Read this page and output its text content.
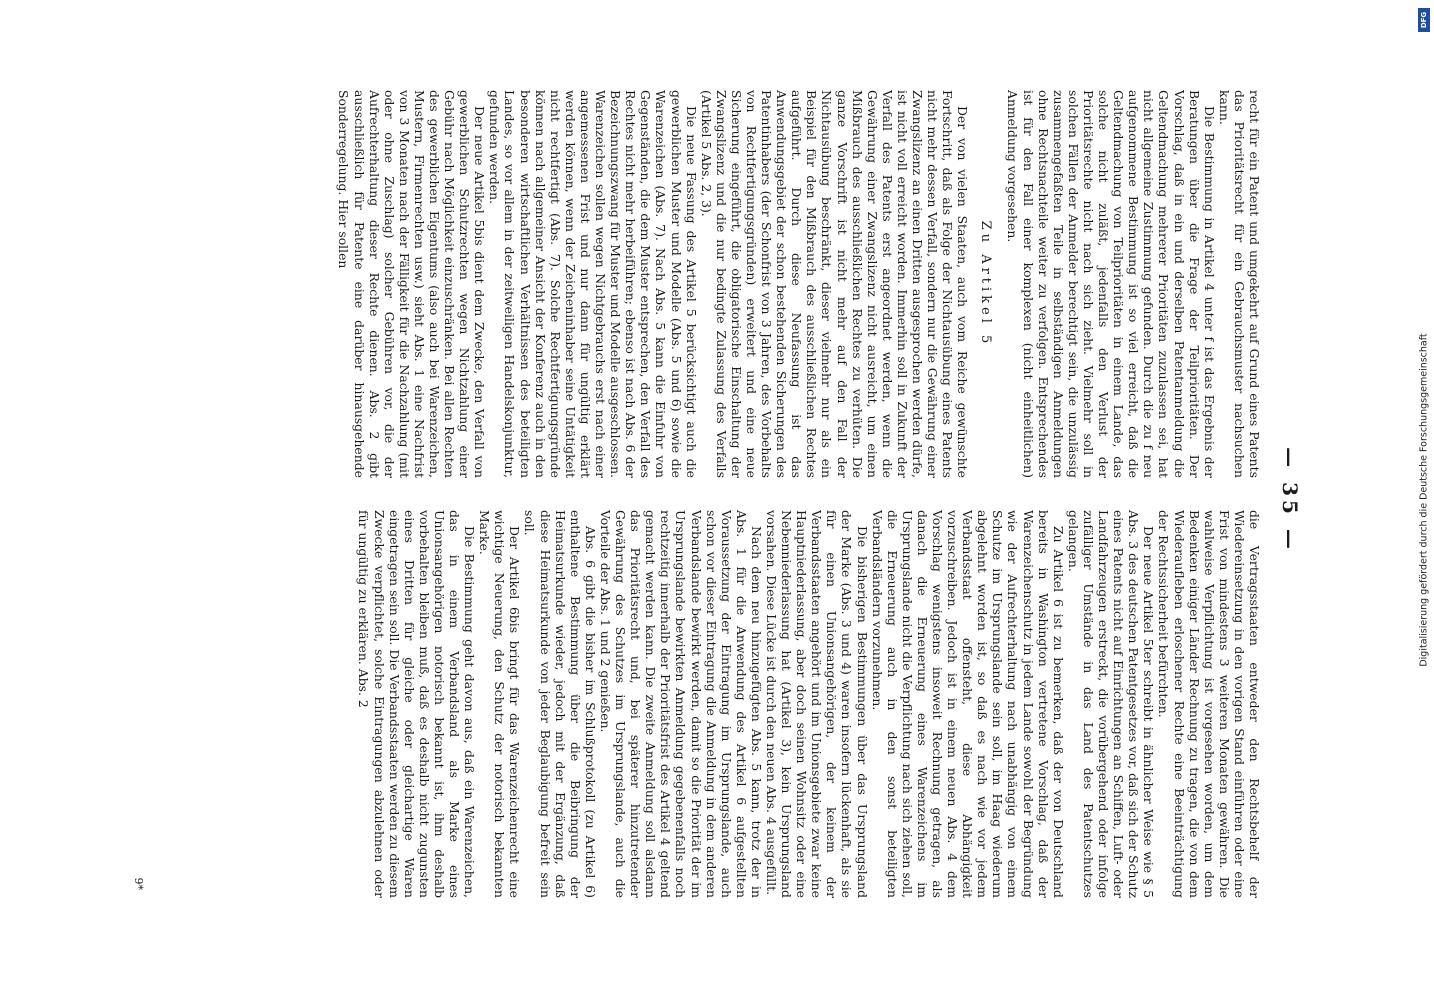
— 35 —

recht für ein Patent und umgekehrt auf Grund eines Patents das Prioritätsrecht für ein Gebrauchsmuster nachsuchen kann.

Die Bestimmung in Artikel 4 unter f ist das Ergebnis der Beratungen über die Frage der Teilprioritäten. Der Vorschlag, daß in ein und derselben Patentanmeldung die Geltendmachung mehrerer Prioritäten zuzulassen sei, hat nicht allgemeine Zustimmung gefunden. Durch die zu f neu aufgenommene Bestimmung ist so viel erreicht, daß die Geltendmachung von Teilprioritäten in einem Lande, das solche nicht zuläßt, jedenfalls den Verlust der Prioritätsrechte nicht nach sich zieht. Vielmehr soll in solchen Fällen der Anmelder berechtigt sein, die unzulässig zusammengefaßten Teile in selbständigen Anmeldungen ohne Rechtsnachteile weiter zu verfolgen. Entsprechendes ist für den Fall einer komplexen (nicht einheitlichen) Anmeldung vorgesehen.

Zu Artikel 5

Der von vielen Staaten, auch vom Reiche gewünschte Fortschritt, daß als Folge der Nichtausübung eines Patents nicht mehr dessen Verfall, sondern nur die Gewährung einer Zwangslizenz an einen Dritten ausgesprochen werden dürfe, ist nicht voll erreicht worden. Immerhin soll in Zukunft der Verfall des Patents erst angeordnet werden, wenn die Gewährung einer Zwangslizenz nicht ausreicht, um einen Mißbrauch des ausschließlichen Rechtes zu verhüten. Die ganze Vorschrift ist nicht mehr auf den Fall der Nichtausübung beschränkt, dieser vielmehr nur als ein Beispiel für den Mißbrauch des ausschließlichen Rechtes aufgeführt. Durch diese Neufassung ist das Anwendungsgebiet der schon bestehenden Sicherungen des Patentinhabers (der Schonfrist von 3 Jahren, des Vorbehalts von Rechtfertigungsgründen) erweitert und eine neue Sicherung eingeführt, die obligatorische Einschaltung der Zwangslizenz und die nur bedingte Zulassung des Verfalls (Artikel 5 Abs. 2, 3).

Die neue Fassung des Artikel 5 berücksichtigt auch die gewerblichen Muster und Modelle (Abs. 5 und 6) sowie die Warenzeichen (Abs. 7). Nach Abs. 5 kann die Einfuhr von Gegenständen, die dem Muster entsprechen, den Verfall des Rechtes nicht mehr herbeiführen; ebenso ist nach Abs. 6 der Bezeichnungszwang für Muster und Modelle ausgeschlossen. Warenzeichen sollen wegen Nichtgebrauchs erst nach einer angemessenen Frist und nur dann für ungültig erklärt werden können, wenn der Zeicheninhaber seine Untätigkeit nicht rechtfertigt (Abs. 7). Solche Rechtfertigungsgründe können nach allgemeiner Ansicht der Konferenz auch in den besonderen wirtschaftlichen Verhältnissen des beteiligten Landes, so vor allem in der zeitweiligen Handelskonjunktur, gefunden werden.

Der neue Artikel 5bis dient dem Zwecke, den Verfall von gewerblichen Schutzrechten wegen Nichtzahlung einer Gebühr nach Möglichkeit einzuschränken. Bei allen Rechten des gewerblichen Eigentums (also auch bei Warenzeichen, Mustern, Firmenrechten usw.) sieht Abs. 1 eine Nachfrist von 3 Monaten nach der Fälligkeit für die Nachzahlung (mit oder ohne Zuschlag) solcher Gebühren vor, die der Aufrechterhaltung dieser Rechte dienen. Abs. 2 gibt ausschließlich für Patente eine darüber hinausgehende Sonderregelung. Hier sollen

die Vertragsstaaten entweder den Rechtsbehelf der Wiedereinsetzung in den vorigen Stand einführen oder eine Frist von mindestens 3 weiteren Monaten gewähren. Die wahlweise Verpflichtung ist vorgesehen worden, um dem Bedenken einiger Länder Rechnung zu tragen, die von dem Wiederaufleben erloschener Rechte eine Beeinträchtigung der Rechtssicherheit befürchten.

Der neue Artikel 5ter schreibt in ähnlicher Weise wie § 5 Abs. 3 des deutschen Patentgesetzes vor, daß sich der Schutz eines Patents nicht auf Einrichtungen an Schiffen, Luft- oder Landfahrzeugen erstreckt, die vorübergehend oder infolge zufälliger Umstände in das Land des Patentschutzes gelangen.

Zu Artikel 6 ist zu bemerken, daß der von Deutschland bereits in Washington vertretene Vorschlag, daß der Warenzeichenschutz in jedem Lande sowohl der Begründung wie der Aufrechterhaltung nach unabhängig von einem Schutze im Ursprungslande sein soll, im Haag wiederum abgelehnt worden ist, so daß es nach wie vor jedem Verbandsstaat offensteht, diese Abhängigkeit vorzuschreiben. Jedoch ist in einem neuen Abs. 4 dem Vorschlag wenigstens insoweit Rechnung getragen, als danach die Erneuerung eines Warenzeichens im Ursprungslande nicht die Verpflichtung nach sich ziehen soll, die Erneuerung auch in den sonst beteiligten Verbandsländern vorzunehmen.

Die bisherigen Bestimmungen über das Ursprungsland der Marke (Abs. 3 und 4) waren insofern lückenhaft, als sie für einen Unionsangehörigen, der keinem der Verbandsstaaten angehört und im Unionsgebiete zwar keine Hauptniederlassung, aber doch seinen Wohnsitz oder eine Nebenniederlassung hat (Artikel 3), kein Ursprungsland vorsahen. Diese Lücke ist durch den neuen Abs. 4 ausgefüllt.

Nach dem neu hinzugefügten Abs. 5 kann, trotz der in Abs. 1 für die Anwendung des Artikel 6 aufgestellten Voraussetzung der Eintragung im Ursprungslande, auch schon vor dieser Eintragung die Anmeldung in dem anderen Verbandslande bewirkt werden, damit so die Priorität der im Ursprungslande bewirkten Anmeldung gegebenenfalls noch rechtzeitig innerhalb der Prioritätsfrist des Artikel 4 geltend gemacht werden kann. Die zweite Anmeldung soll alsdann das Prioritätsrecht und, bei späterer hinzutretender Gewährung des Schutzes im Ursprungslande, auch die Vorteile der Abs. 1 und 2 genießen.

Abs. 6 gibt die bisher im Schlußprotokoll (zu Artikel 6) enthaltene Bestimmung über die Beibringung der Heimatsurkunde wieder, jedoch mit der Ergänzung, daß diese Heimatsurkunde von jeder Beglaubigung befreit sein soll.

Der Artikel 6bis bringt für das Warenzeichenrecht eine wichtige Neuerung, den Schutz der notorisch bekannten Marke.

Die Bestimmung geht davon aus, daß ein Warenzeichen, das in einem Verbandsland als Marke eines Unionsangehörigen notorisch bekannt ist, ihm deshalb vorbehalten bleiben muß, daß es deshalb nicht zugunsten eines Dritten für gleiche oder gleichartige Waren eingetragen sein soll. Die Verbandsstaaten werden zu diesem Zwecke verpflichtet, solche Eintragungen abzulehnen oder für ungültig zu erklären. Abs. 2

9*
Digitalisierung gefördert durch die Deutsche Forschungsgemeinschaft
DFG
